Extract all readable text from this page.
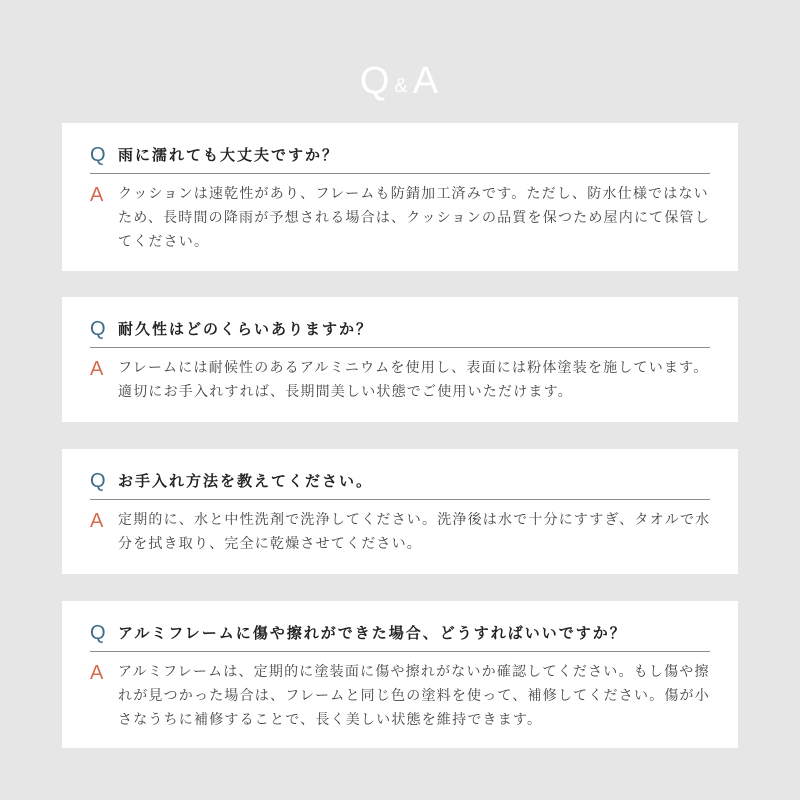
Q &A
Q 雨に濡れても大丈夫ですか？
A クッションは速乾性があり、フレームも防錆加工済みです。ただし、防水仕様ではないため、長時間の降雨が予想される場合は、クッションの品質を保つため屋内にて保管してください。
Q 耐久性はどのくらいありますか？
A フレームには耐候性のあるアルミニウムを使用し、表面には粉体塗装を施しています。適切にお手入れすれば、長期間美しい状態でご使用いただけます。
Q お手入れ方法を教えてください。
A 定期的に、水と中性洗剤で洗浄してください。洗浄後は水で十分にすすぎ、タオルで水分を拭き取り、完全に乾燥させてください。
Q アルミフレームに傷や擦れができた場合、どうすればいいですか？
A アルミフレームは、定期的に塗装面に傷や擦れがないか確認してください。もし傷や擦れが見つかった場合は、フレームと同じ色の塗料を使って、補修してください。傷が小さなうちに補修することで、長く美しい状態を維持できます。
